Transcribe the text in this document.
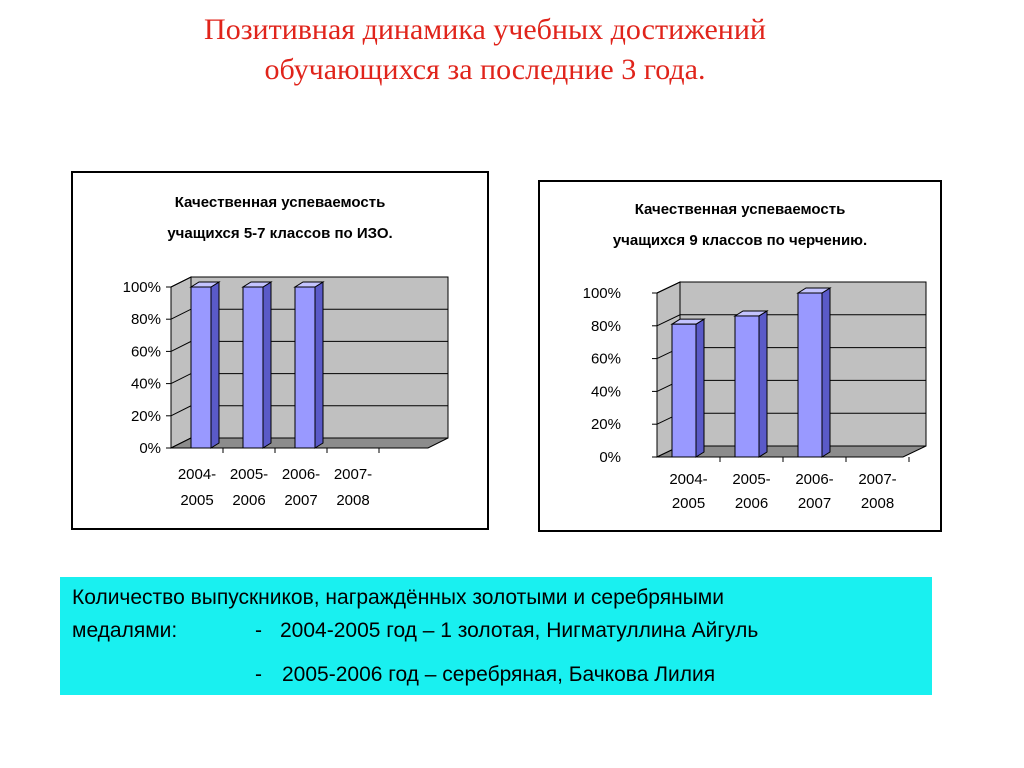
Позитивная динамика учебных достижений
обучающихся за последние 3 года.
Качественная успеваемость
учащихся 5-7 классов по ИЗО.
0%
20%
40%
60%
80%
100%
2004-
2005
2005-
2006
2006-
2007
2007-
2008
Качественная успеваемость
учащихся 9 классов по черчению.
0%
20%
40%
60%
80%
100%
2004-
2005
2005-
2006
2006-
2007
2007-
2008
Количество выпускников, награждённых золотыми и серебряными
медалями:	- 2004-2005 год – 1 золотая, Нигматуллина Айгуль
- 2005-2006 год – серебряная, Бачкова Лилия
